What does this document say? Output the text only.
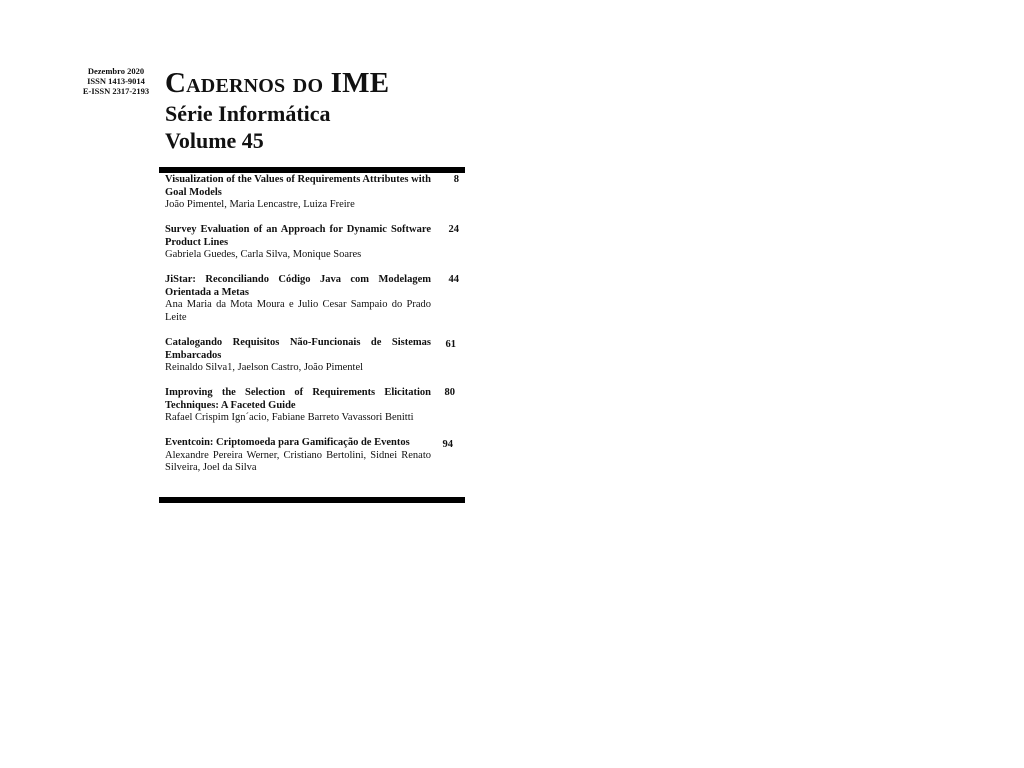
Dezembro 2020
ISSN 1413-9014
E-ISSN 2317-2193 Cadernos do IME
Série Informática
Volume 45
Visualization of the Values of Requirements Attributes with Goal Models
João Pimentel, Maria Lencastre, Luiza Freire
8
Survey Evaluation of an Approach for Dynamic Software Product Lines
Gabriela Guedes, Carla Silva, Monique Soares
24
JiStar: Reconciliando Código Java com Modelagem Orientada a Metas
Ana Maria da Mota Moura e Julio Cesar Sampaio do Prado Leite
44
Catalogando Requisitos Não-Funcionais de Sistemas Embarcados
Reinaldo Silva1, Jaelson Castro, João Pimentel
61
Improving the Selection of Requirements Elicitation Techniques: A Faceted Guide
Rafael Crispim Ign´acio, Fabiane Barreto Vavassori Benitti
80
Eventcoin: Criptomoeda para Gamificação de Eventos
Alexandre Pereira Werner, Cristiano Bertolini, Sidnei Renato Silveira, Joel da Silva
94
